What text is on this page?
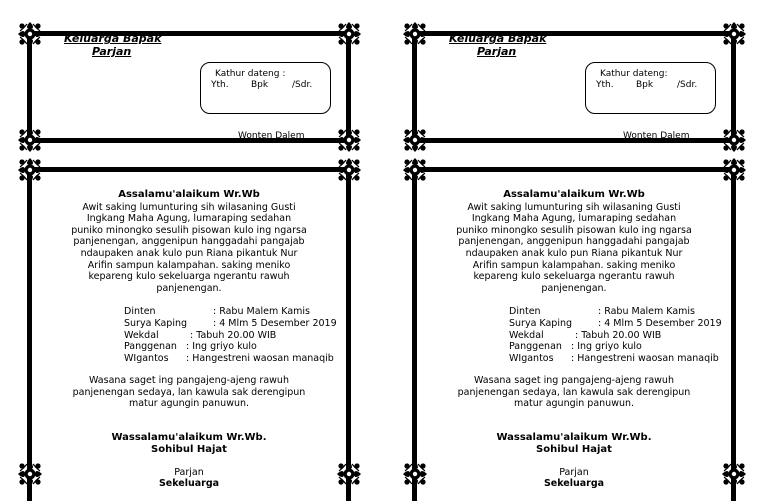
Keluarga Bapak
Parjan
Kathur dateng :
Yth.	Bpk	/Sdr.
Wonten Dalem
Assalamu'alaikum Wr.Wb
Awit saking lumunturing sih wilasaning Gusti
Ingkang Maha Agung, lumaraping sedahan
puniko minongko sesulih pisowan kulo ing ngarsa
panjenengan, anggenipun hanggadahi pangajab
ndaupaken anak kulo pun Riana pikantuk Nur
Arifin sampun kalampahan. saking meniko
kepareng kulo sekeluarga ngerantu rawuh
panjenengan.
Dinten	: Rabu Malem Kamis
Surya Kaping	: 4 Mlm 5 Desember 2019
Wekdal	: Tabuh 20.00 WIB
Panggenan : Ing griyo kulo
WIgantos : Hangestreni waosan manaqib
Wasana saget ing pangajeng-ajeng rawuh
panjenengan sedaya, lan kawula sak derengipun
matur agungin panuwun.
Wassalamu'alaikum Wr.Wb.
Sohibul Hajat
Parjan
Sekeluarga
Keluarga Bapak
Parjan
Kathur dateng:
Yth.	Bpk	/Sdr.
Wonten Dalem
Assalamu'alaikum Wr.Wb
Awit saking lumunturing sih wilasaning Gusti
Ingkang Maha Agung, lumaraping sedahan
puniko minongko sesulih pisowan kulo ing ngarsa
panjenengan, anggenipun hanggadahi pangajab
ndaupaken anak kulo pun Riana pikantuk Nur
Arifin sampun kalampahan. saking meniko
kepareng kulo sekeluarga ngerantu rawuh
panjenengan.
Dinten	: Rabu Malem Kamis
Surya Kaping	: 4 Mlm 5 Desember 2019
Wekdal	: Tabuh 20.00 WIB
Panggenan : Ing griyo kulo
WIgantos : Hangestreni waosan manaqib
Wasana saget ing pangajeng-ajeng rawuh
panjenengan sedaya, lan kawula sak derengipun
matur agungin panuwun.
Wassalamu'alaikum Wr.Wb.
Sohibul Hajat
Parjan
Sekeluarga
